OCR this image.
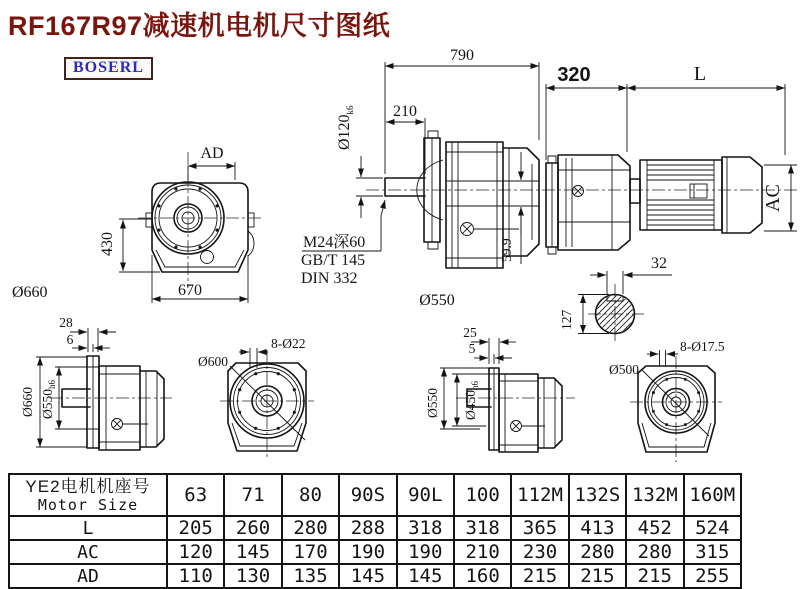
RF167R97减速机电机尺寸图纸
BOSERL
AD
430
670
790
210
$Ø120_{k6}$
M24深60
GB/T 145
DIN 332
59.9
Ø550
320	L
AC
32
127
Ø660
28
6
Ø660 $Ø550_{h6}$
Ø600
8-Ø22
25
5
Ø550 $Ø450_{h6}$
Ø500
8-Ø17.5
YE2电机机座号
Motor Size	63	71	80	90S	90L	100	112M	132S	132M	160M
L	205	260	280	288	318	318	365	413	452	524
AC	120	145	170	190	190	210	230	280	280	315
AD	110	130	135	145	145	160	215	215	215	255
